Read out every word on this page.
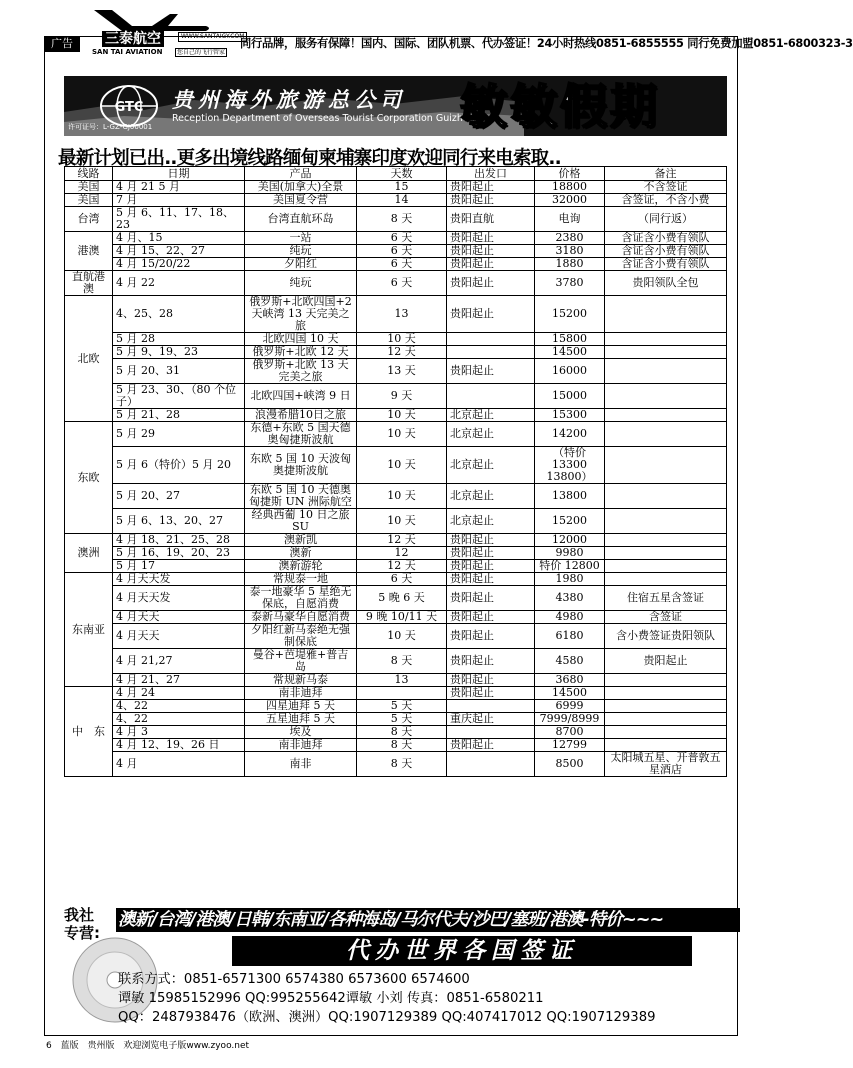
广告	三泰航空	WWW.SANTAIGY.COM
SAN TAI AVIATION	您自己的飞行管家
同行品牌，服务有保障！国内、国际、团队机票、代办签证！24小时热线0851-6855555 同行免费加盟0851-6800323-3
GTC 贵州海外旅游总公司
Reception Department of Overseas Tourist Corporation Guizhou
许可证号：L-GZ-GJ00001	敏敏假期
最新计划已出..更多出境线路缅甸柬埔寨印度欢迎同行来电索取..
线路	日期	产品	天数	出发口	价格	备注
美国	4 月 21 5 月	美国(加拿大)全景	15	贵阳起止	18800	不含签证
美国	7 月	美国夏令营	14	贵阳起止	32000	含签证，不含小费
台湾	5 月 6、11、17、18、23	台湾直航环岛	8 天	贵阳直航	电询	（同行返）
港澳	4 月、15	一站	6 天	贵阳起止	2380	含证含小费有领队
	4 月 15、22、27	纯玩	6 天	贵阳起止	3180	含证含小费有领队
	4 月 15/20/22	夕阳红	6 天	贵阳起止	1880	含证含小费有领队
直航港澳	4 月 22	纯玩	6 天	贵阳起止	3780	贵阳领队全包
北欧	4、25、28	俄罗斯+北欧四国+2 天峡湾 13 天完美之旅	13	贵阳起止	15200	
	5 月 28	北欧四国 10 天	10 天		15800	
	5 月 9、19、23	俄罗斯+北欧 12 天	12 天		14500	
	5 月 20、31	俄罗斯+北欧 13 天完美之旅	13 天	贵阳起止	16000	
	5 月 23、30、（80 个位子）	北欧四国+峡湾 9 日	9 天		15000	
	5 月 21、28	浪漫希腊10日之旅	10 天	北京起止	15300	
东欧	5 月 29	东德+东欧 5 国天德奥匈捷斯波航	10 天	北京起止	14200	
	5 月 6（特价）5 月 20	东欧 5 国 10 天波匈奥捷斯波航	10 天	北京起止	（特价 13300 13800）	
	5 月 20、27	东欧 5 国 10 天德奥匈捷斯 UN 洲际航空	10 天	北京起止	13800	
	5 月 6、13、20、27	经典西葡 10 日之旅 SU	10 天	北京起止	15200	
澳洲	4 月 18、21、25、28	澳新凯	12 天	贵阳起止	12000	
	5 月 16、19、20、23	澳新	12	贵阳起止	9980	
	5 月 17	澳新游轮	12 天	贵阳起止	特价 12800	
东南亚	4 月天天发	常规泰一地	6 天	贵阳起止	1980	
	4 月天天发	泰一地豪华 5 星绝无保底，自愿消费	5 晚 6 天	贵阳起止	4380	住宿五星含签证
	4 月天天	泰新马豪华自愿消费	9 晚 10/11 天	贵阳起止	4980	含签证
	4 月天天	夕阳红新马泰绝无强制保底	10 天	贵阳起止	6180	含小费签证贵阳领队
	4 月 21,27	曼谷+芭堤雅+普吉岛	8 天	贵阳起止	4580	贵阳起止
	4 月 21、27	常规新马泰	13	贵阳起止	3680	
中　东	4 月 24	南非迪拜		贵阳起止	14500	
	4、22	四星迪拜 5 天	5 天		6999	
	4、22	五星迪拜 5 天	5 天	重庆起止	7999/8999	
	4 月 3	埃及	8 天		8700	
	4 月 12、19、26 日	南非迪拜	8 天	贵阳起止	12799	
	4 月	南非	8 天		8500	太阳城五星、开普敦五星酒店
我社
专营:
澳新/台湾/港澳/日韩/东南亚/各种海岛/马尔代夫/沙巴/塞班/港澳-特价~~~
代办世界各国签证
联系方式：0851-6571300 6574380 6573600 6574600
谭敏 15985152996 QQ:995255642谭敏 小刘 传真：0851-6580211
QQ：2487938476（欧洲、澳洲）QQ:1907129389 QQ:407417012 QQ:1907129389
6 蓝版 贵州版 欢迎浏览电子版www.zyoo.net
